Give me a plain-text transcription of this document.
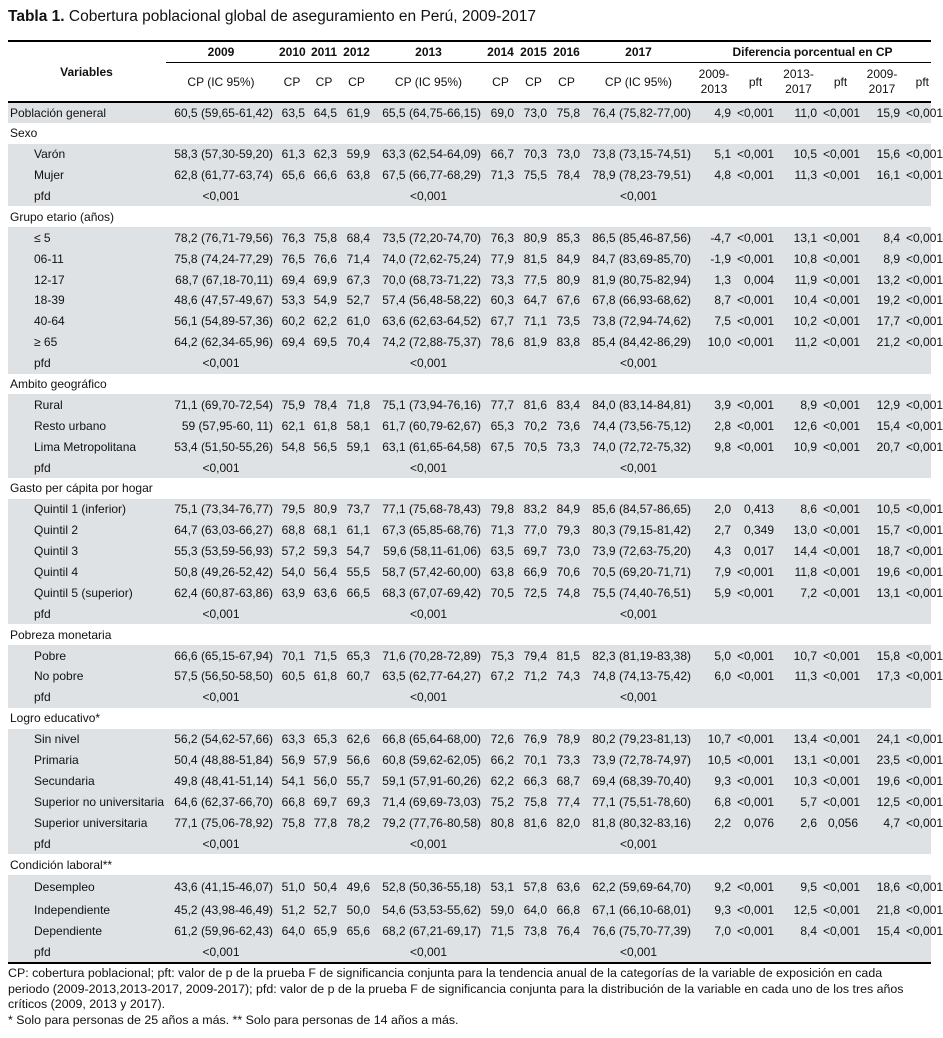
Tabla 1. Cobertura poblacional global de aseguramiento en Perú, 2009-2017
Variables	2009	2010	2011	2012	2013	2014	2015	2016	2017	Diferencia porcentual en CP					
	CP (IC 95%)	CP	CP	CP	CP (IC 95%)	CP	CP	CP	CP (IC 95%)	2009-
2013	pft	2013-
2017	pft	2009-
2017	pft
Población general	60,5 (59,65-61,42)	63,5	64,5	61,9	65,5 (64,75-66,15)	69,0	73,0	75,8	76,4 (75,82-77,00)	4,9	<0,001	11,0	<0,001	15,9	<0,001
Sexo															
Varón	58,3 (57,30-59,20)	61,3	62,3	59,9	63,3 (62,54-64,09)	66,7	70,3	73,0	73,8 (73,15-74,51)	5,1	<0,001	10,5	<0,001	15,6	<0,001
Mujer	62,8 (61,77-63,74)	65,6	66,6	63,8	67,5 (66,77-68,29)	71,3	75,5	78,4	78,9 (78,23-79,51)	4,8	<0,001	11,3	<0,001	16,1	<0,001
pfd	<0,001				<0,001				<0,001						
Grupo etario (años)															
≤ 5	78,2 (76,71-79,56)	76,3	75,8	68,4	73,5 (72,20-74,70)	76,3	80,9	85,3	86,5 (85,46-87,56)	-4,7	<0,001	13,1	<0,001	8,4	<0,001
06-11	75,8 (74,24-77,29)	76,5	76,6	71,4	74,0 (72,62-75,24)	77,9	81,5	84,9	84,7 (83,69-85,70)	-1,9	<0,001	10,8	<0,001	8,9	<0,001
12-17	68,7 (67,18-70,11)	69,4	69,9	67,3	70,0 (68,73-71,22)	73,3	77,5	80,9	81,9 (80,75-82,94)	1,3	0,004	11,9	<0,001	13,2	<0,001
18-39	48,6 (47,57-49,67)	53,3	54,9	52,7	57,4 (56,48-58,22)	60,3	64,7	67,6	67,8 (66,93-68,62)	8,7	<0,001	10,4	<0,001	19,2	<0,001
40-64	56,1 (54,89-57,36)	60,2	62,2	61,0	63,6 (62,63-64,52)	67,7	71,1	73,5	73,8 (72,94-74,62)	7,5	<0,001	10,2	<0,001	17,7	<0,001
≥ 65	64,2 (62,34-65,96)	69,4	69,5	70,4	74,2 (72,88-75,37)	78,6	81,9	83,8	85,4 (84,42-86,29)	10,0	<0,001	11,2	<0,001	21,2	<0,001
pfd	<0,001				<0,001				<0,001						
Ambito geográfico															
Rural	71,1 (69,70-72,54)	75,9	78,4	71,8	75,1 (73,94-76,16)	77,7	81,6	83,4	84,0 (83,14-84,81)	3,9	<0,001	8,9	<0,001	12,9	<0,001
Resto urbano	59 (57,95-60, 11)	62,1	61,8	58,1	61,7 (60,79-62,67)	65,3	70,2	73,6	74,4 (73,56-75,12)	2,8	<0,001	12,6	<0,001	15,4	<0,001
Lima Metropolitana	53,4 (51,50-55,26)	54,8	56,5	59,1	63,1 (61,65-64,58)	67,5	70,5	73,3	74,0 (72,72-75,32)	9,8	<0,001	10,9	<0,001	20,7	<0,001
pfd	<0,001				<0,001				<0,001						
Gasto per cápita por hogar															
Quintil 1 (inferior)	75,1 (73,34-76,77)	79,5	80,9	73,7	77,1 (75,68-78,43)	79,8	83,2	84,9	85,6 (84,57-86,65)	2,0	0,413	8,6	<0,001	10,5	<0,001
Quintil 2	64,7 (63,03-66,27)	68,8	68,1	61,1	67,3 (65,85-68,76)	71,3	77,0	79,3	80,3 (79,15-81,42)	2,7	0,349	13,0	<0,001	15,7	<0,001
Quintil 3	55,3 (53,59-56,93)	57,2	59,3	54,7	59,6 (58,11-61,06)	63,5	69,7	73,0	73,9 (72,63-75,20)	4,3	0,017	14,4	<0,001	18,7	<0,001
Quintil 4	50,8 (49,26-52,42)	54,0	56,4	55,5	58,7 (57,42-60,00)	63,8	66,9	70,6	70,5 (69,20-71,71)	7,9	<0,001	11,8	<0,001	19,6	<0,001
Quintil 5 (superior)	62,4 (60,87-63,86)	63,9	63,6	66,5	68,3 (67,07-69,42)	70,5	72,5	74,8	75,5 (74,40-76,51)	5,9	<0,001	7,2	<0,001	13,1	<0,001
pfd	<0,001				<0,001				<0,001						
Pobreza monetaria															
Pobre	66,6 (65,15-67,94)	70,1	71,5	65,3	71,6 (70,28-72,89)	75,3	79,4	81,5	82,3 (81,19-83,38)	5,0	<0,001	10,7	<0,001	15,8	<0,001
No pobre	57,5 (56,50-58,50)	60,5	61,8	60,7	63,5 (62,77-64,27)	67,2	71,2	74,3	74,8 (74,13-75,42)	6,0	<0,001	11,3	<0,001	17,3	<0,001
pfd	<0,001				<0,001				<0,001						
Logro educativo*															
Sin nivel	56,2 (54,62-57,66)	63,3	65,3	62,6	66,8 (65,64-68,00)	72,6	76,9	78,9	80,2 (79,23-81,13)	10,7	<0,001	13,4	<0,001	24,1	<0,001
Primaria	50,4 (48,88-51,84)	56,9	57,9	56,6	60,8 (59,62-62,05)	66,2	70,1	73,3	73,9 (72,78-74,97)	10,5	<0,001	13,1	<0,001	23,5	<0,001
Secundaria	49,8 (48,41-51,14)	54,1	56,0	55,7	59,1 (57,91-60,26)	62,2	66,3	68,7	69,4 (68,39-70,40)	9,3	<0,001	10,3	<0,001	19,6	<0,001
Superior no universitaria	64,6 (62,37-66,70)	66,8	69,7	69,3	71,4 (69,69-73,03)	75,2	75,8	77,4	77,1 (75,51-78,60)	6,8	<0,001	5,7	<0,001	12,5	<0,001
Superior universitaria	77,1 (75,06-78,92)	75,8	77,8	78,2	79,2 (77,76-80,58)	80,8	81,6	82,0	81,8 (80,32-83,16)	2,2	0,076	2,6	0,056	4,7	<0,001
pfd	<0,001				<0,001				<0,001						
Condición laboral**															
Desempleo	43,6 (41,15-46,07)	51,0	50,4	49,6	52,8 (50,36-55,18)	53,1	57,8	63,6	62,2 (59,69-64,70)	9,2	<0,001	9,5	<0,001	18,6	<0,001
Independiente	45,2 (43,98-46,49)	51,2	52,7	50,0	54,6 (53,53-55,62)	59,0	64,0	66,8	67,1 (66,10-68,01)	9,3	<0,001	12,5	<0,001	21,8	<0,001
Dependiente	61,2 (59,96-62,43)	64,0	65,9	65,6	68,2 (67,21-69,17)	71,5	73,8	76,4	76,6 (75,70-77,39)	7,0	<0,001	8,4	<0,001	15,4	<0,001
pfd	<0,001				<0,001				<0,001						
CP: cobertura poblacional; pft: valor de p de la prueba F de significancia conjunta para la tendencia anual de la categorías de la variable de exposición en cada periodo (2009-2013,2013-2017, 2009-2017); pfd: valor de p de la prueba F de significancia conjunta para la distribución de la variable en cada uno de los tres años críticos (2009, 2013 y 2017).
* Solo para personas de 25 años a más. ** Solo para personas de 14 años a más.
